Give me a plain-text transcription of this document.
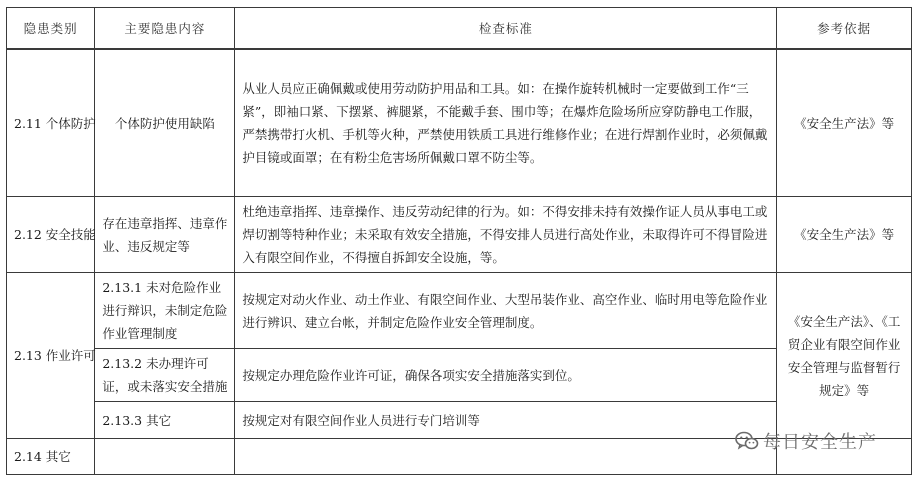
隐患类别	主要隐患内容	检查标准	参考依据
2.11 个体防护	个体防护使用缺陷	从业人员应正确佩戴或使用劳动防护用品和工具。如：在操作旋转机械时一定要做到工作“三紧”，即袖口紧、下摆紧、裤腿紧，不能戴手套、围巾等；在爆炸危险场所应穿防静电工作服，严禁携带打火机、手机等火种，严禁使用铁质工具进行维修作业；在进行焊割作业时，必须佩戴护目镜或面罩；在有粉尘危害场所佩戴口罩不防尘等。	《安全生产法》等
2.12 安全技能	存在违章指挥、违章作业、违反规定等	杜绝违章指挥、违章操作、违反劳动纪律的行为。如：不得安排未持有效操作证人员从事电工或焊切割等特种作业；未采取有效安全措施，不得安排人员进行高处作业，未取得许可不得冒险进入有限空间作业，不得擅自拆卸安全设施，等。	《安全生产法》等
2.13 作业许可	2.13.1 未对危险作业进行辩识，未制定危险作业管理制度	按规定对动火作业、动土作业、有限空间作业、大型吊装作业、高空作业、临时用电等危险作业进行辨识、建立台帐，并制定危险作业安全管理制度。	《安全生产法》、《工贸企业有限空间作业安全管理与监督暂行规定》等
	2.13.2 未办理许可证，或未落实安全措施	按规定办理危险作业许可证，确保各项实安全措施落实到位。	
	2.13.3 其它	按规定对有限空间作业人员进行专门培训等	
2.14 其它			
每日安全生产
